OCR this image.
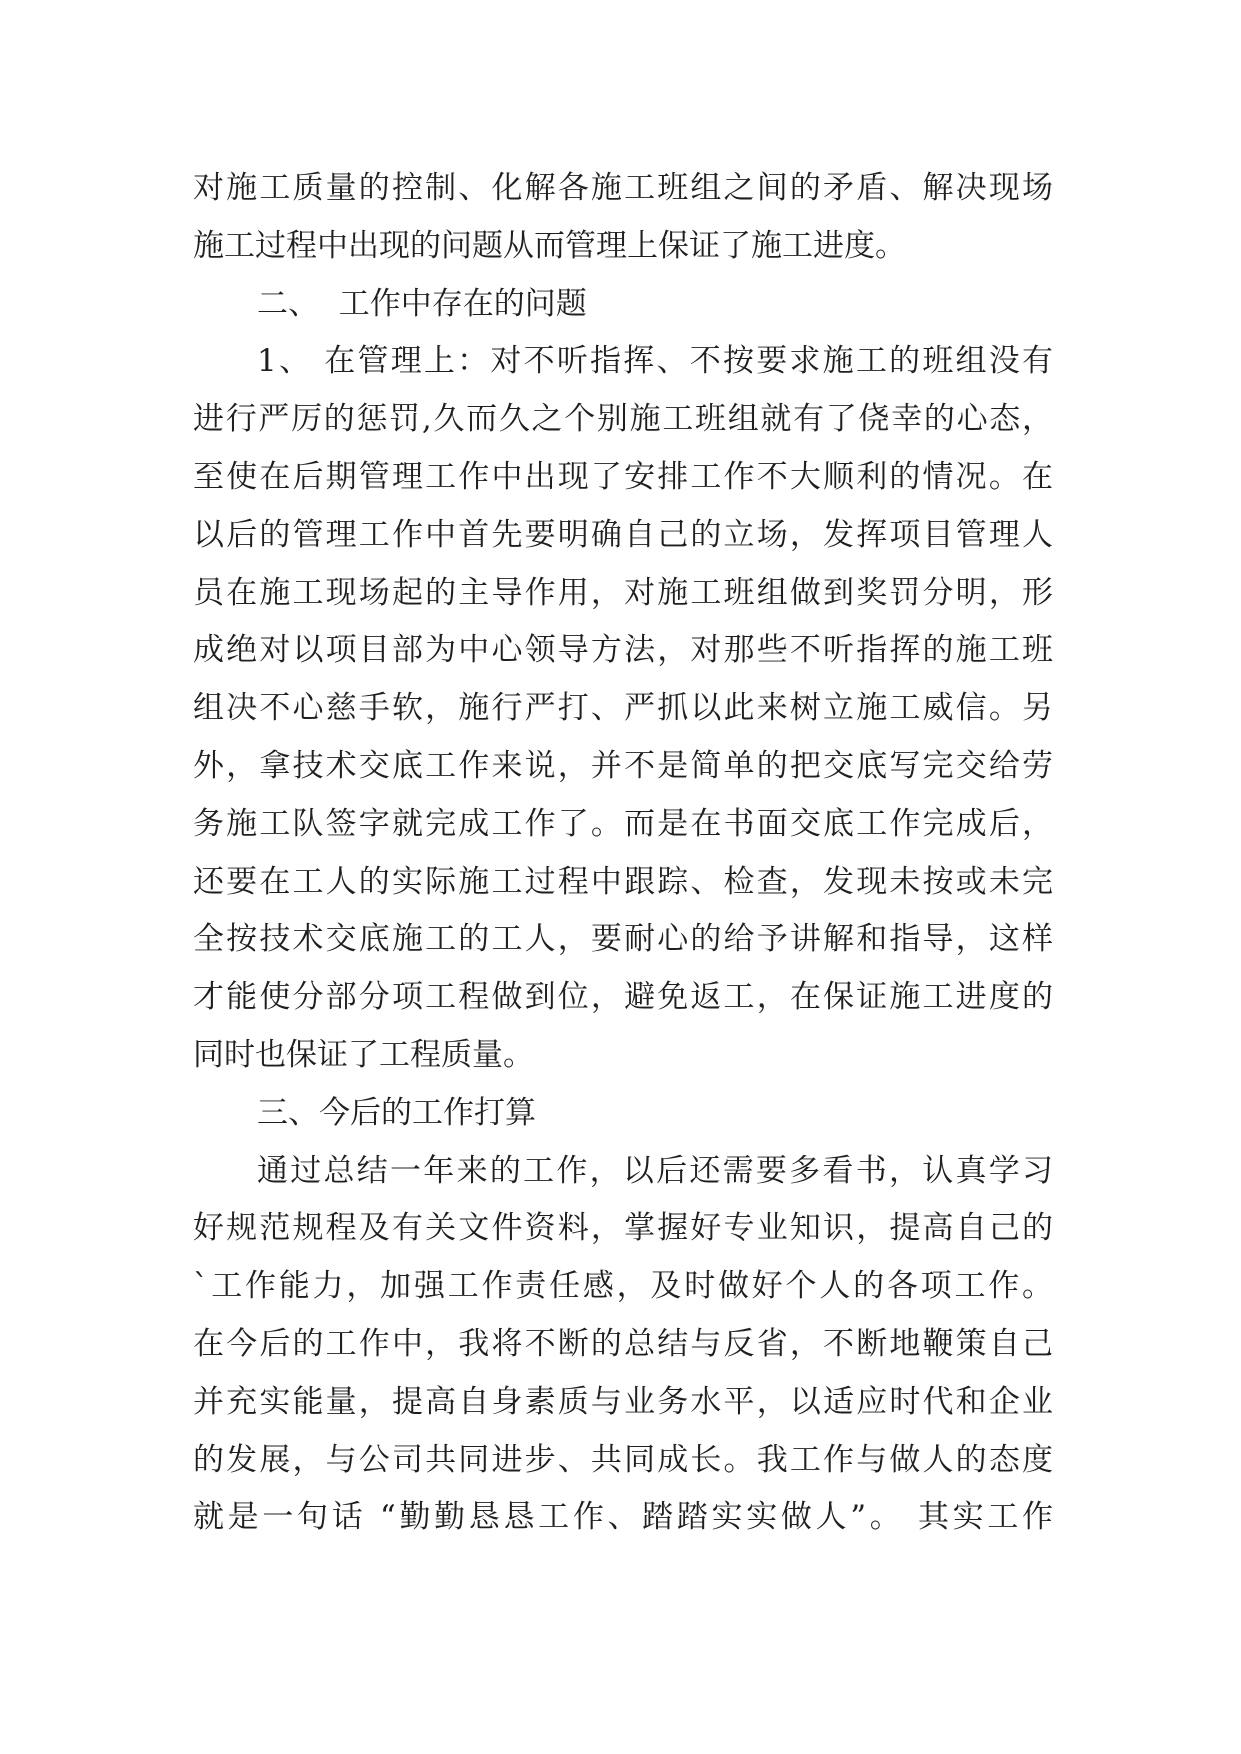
对施工质量的控制、化解各施工班组之间的矛盾、解决现场
施工过程中出现的问题从而管理上保证了施工进度。
二、  工作中存在的问题
1、 在管理上：对不听指挥、不按要求施工的班组没有
进行严厉的惩罚,久而久之个别施工班组就有了侥幸的心态，
至使在后期管理工作中出现了安排工作不大顺利的情况。在
以后的管理工作中首先要明确自己的立场，发挥项目管理人
员在施工现场起的主导作用，对施工班组做到奖罚分明，形
成绝对以项目部为中心领导方法，对那些不听指挥的施工班
组决不心慈手软，施行严打、严抓以此来树立施工威信。另
外，拿技术交底工作来说，并不是简单的把交底写完交给劳
务施工队签字就完成工作了。而是在书面交底工作完成后，
还要在工人的实际施工过程中跟踪、检查，发现未按或未完
全按技术交底施工的工人，要耐心的给予讲解和指导，这样
才能使分部分项工程做到位，避免返工，在保证施工进度的
同时也保证了工程质量。
三、今后的工作打算
通过总结一年来的工作，以后还需要多看书，认真学习
好规范规程及有关文件资料，掌握好专业知识，提高自己的
`工作能力，加强工作责任感，及时做好个人的各项工作。
在今后的工作中，我将不断的总结与反省，不断地鞭策自己
并充实能量，提高自身素质与业务水平，以适应时代和企业
的发展，与公司共同进步、共同成长。我工作与做人的态度
就是一句话 “勤勤恳恳工作、踏踏实实做人”。 其实工作
